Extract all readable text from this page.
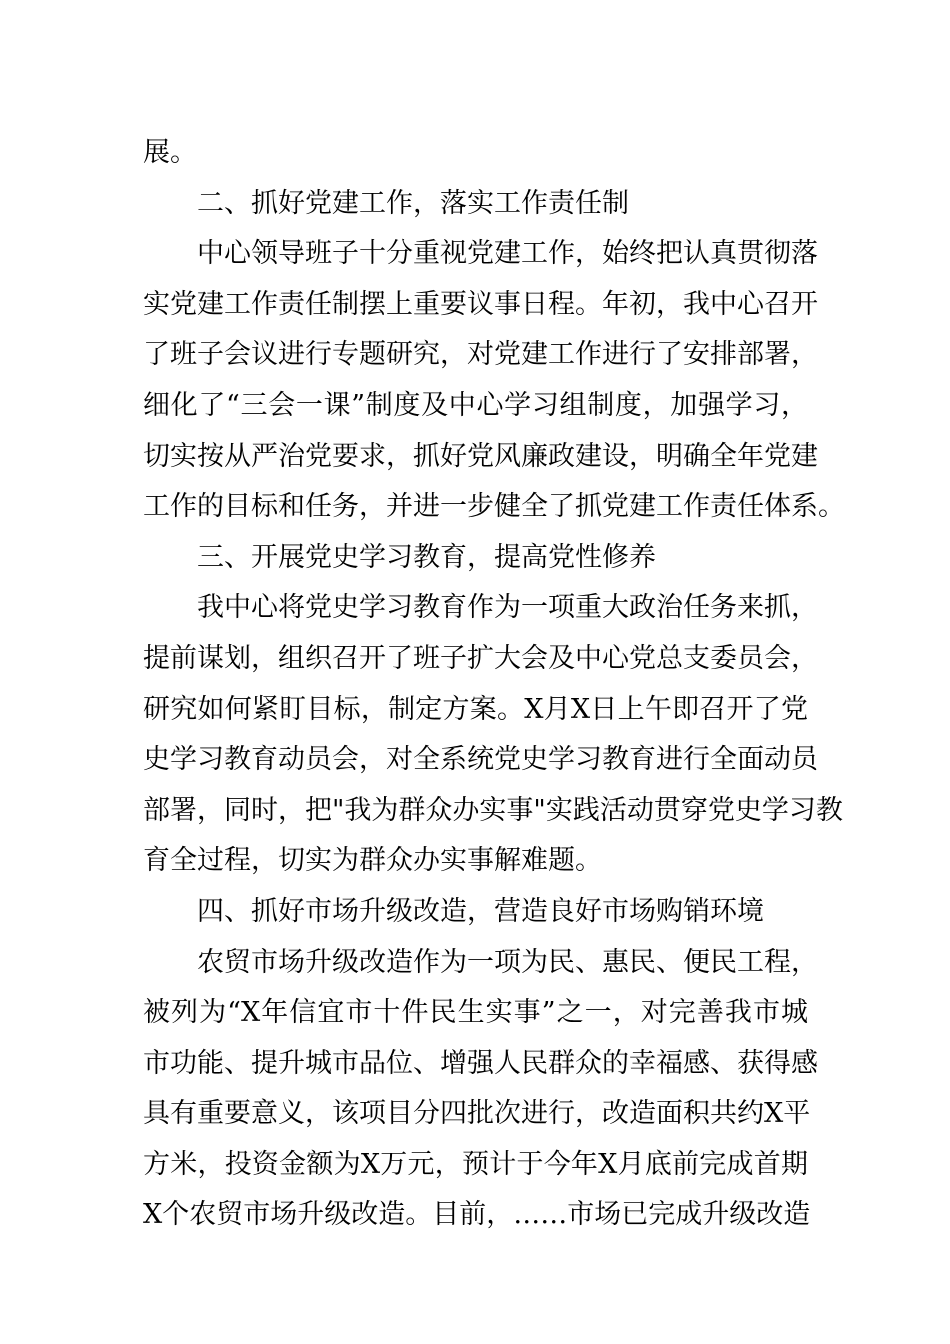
展。
二、抓好党建工作，落实工作责任制
中心领导班子十分重视党建工作，始终把认真贯彻落
实党建工作责任制摆上重要议事日程。年初，我中心召开
了班子会议进行专题研究，对党建工作进行了安排部署，
细化了“三会一课”制度及中心学习组制度，加强学习，
切实按从严治党要求，抓好党风廉政建设，明确全年党建
工作的目标和任务，并进一步健全了抓党建工作责任体系。
三、开展党史学习教育，提高党性修养
我中心将党史学习教育作为一项重大政治任务来抓，
提前谋划，组织召开了班子扩大会及中心党总支委员会，
研究如何紧盯目标，制定方案。X月X日上午即召开了党
史学习教育动员会，对全系统党史学习教育进行全面动员
部署，同时，把"我为群众办实事"实践活动贯穿党史学习教
育全过程，切实为群众办实事解难题。
四、抓好市场升级改造，营造良好市场购销环境
农贸市场升级改造作为一项为民、惠民、便民工程，
被列为“X年信宜市十件民生实事”之一，对完善我市城
市功能、提升城市品位、增强人民群众的幸福感、获得感
具有重要意义，该项目分四批次进行，改造面积共约X平
方米，投资金额为X万元，预计于今年X月底前完成首期
X个农贸市场升级改造。目前，……市场已完成升级改造
